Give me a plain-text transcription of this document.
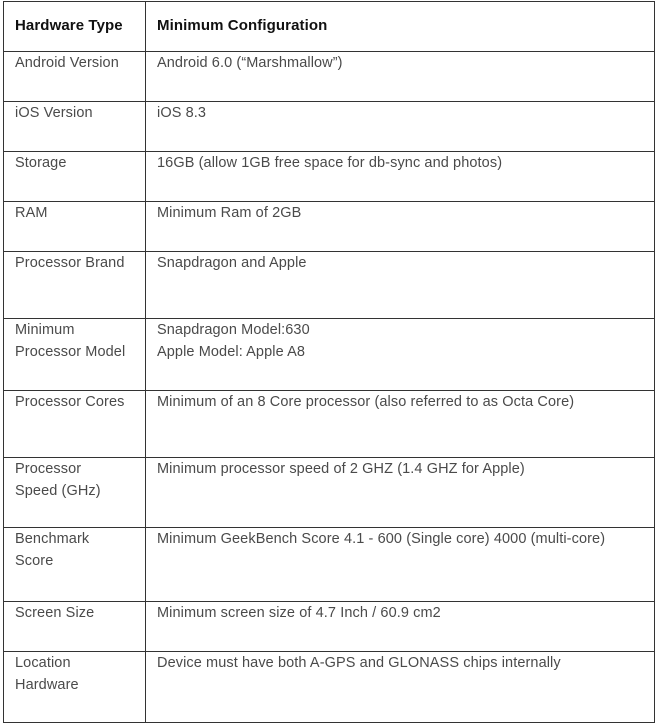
Hardware Type	Minimum Configuration

Android Version	Android 6.0 (“Marshmallow”)

iOS Version	iOS 8.3

Storage	16GB (allow 1GB free space for db-sync and photos)

RAM	Minimum Ram of 2GB

Processor Brand	Snapdragon and Apple

Minimum
Processor Model	Snapdragon Model:630
Apple Model: Apple A8

Processor Cores	Minimum of an 8 Core processor (also referred to as Octa Core)

Processor
Speed (GHz)	Minimum processor speed of 2 GHZ (1.4 GHZ for Apple)

Benchmark
Score	Minimum GeekBench Score 4.1 - 600 (Single core) 4000 (multi-core)

Screen Size	Minimum screen size of 4.7 Inch / 60.9 cm2

Location
Hardware	Device must have both A-GPS and GLONASS chips internally
